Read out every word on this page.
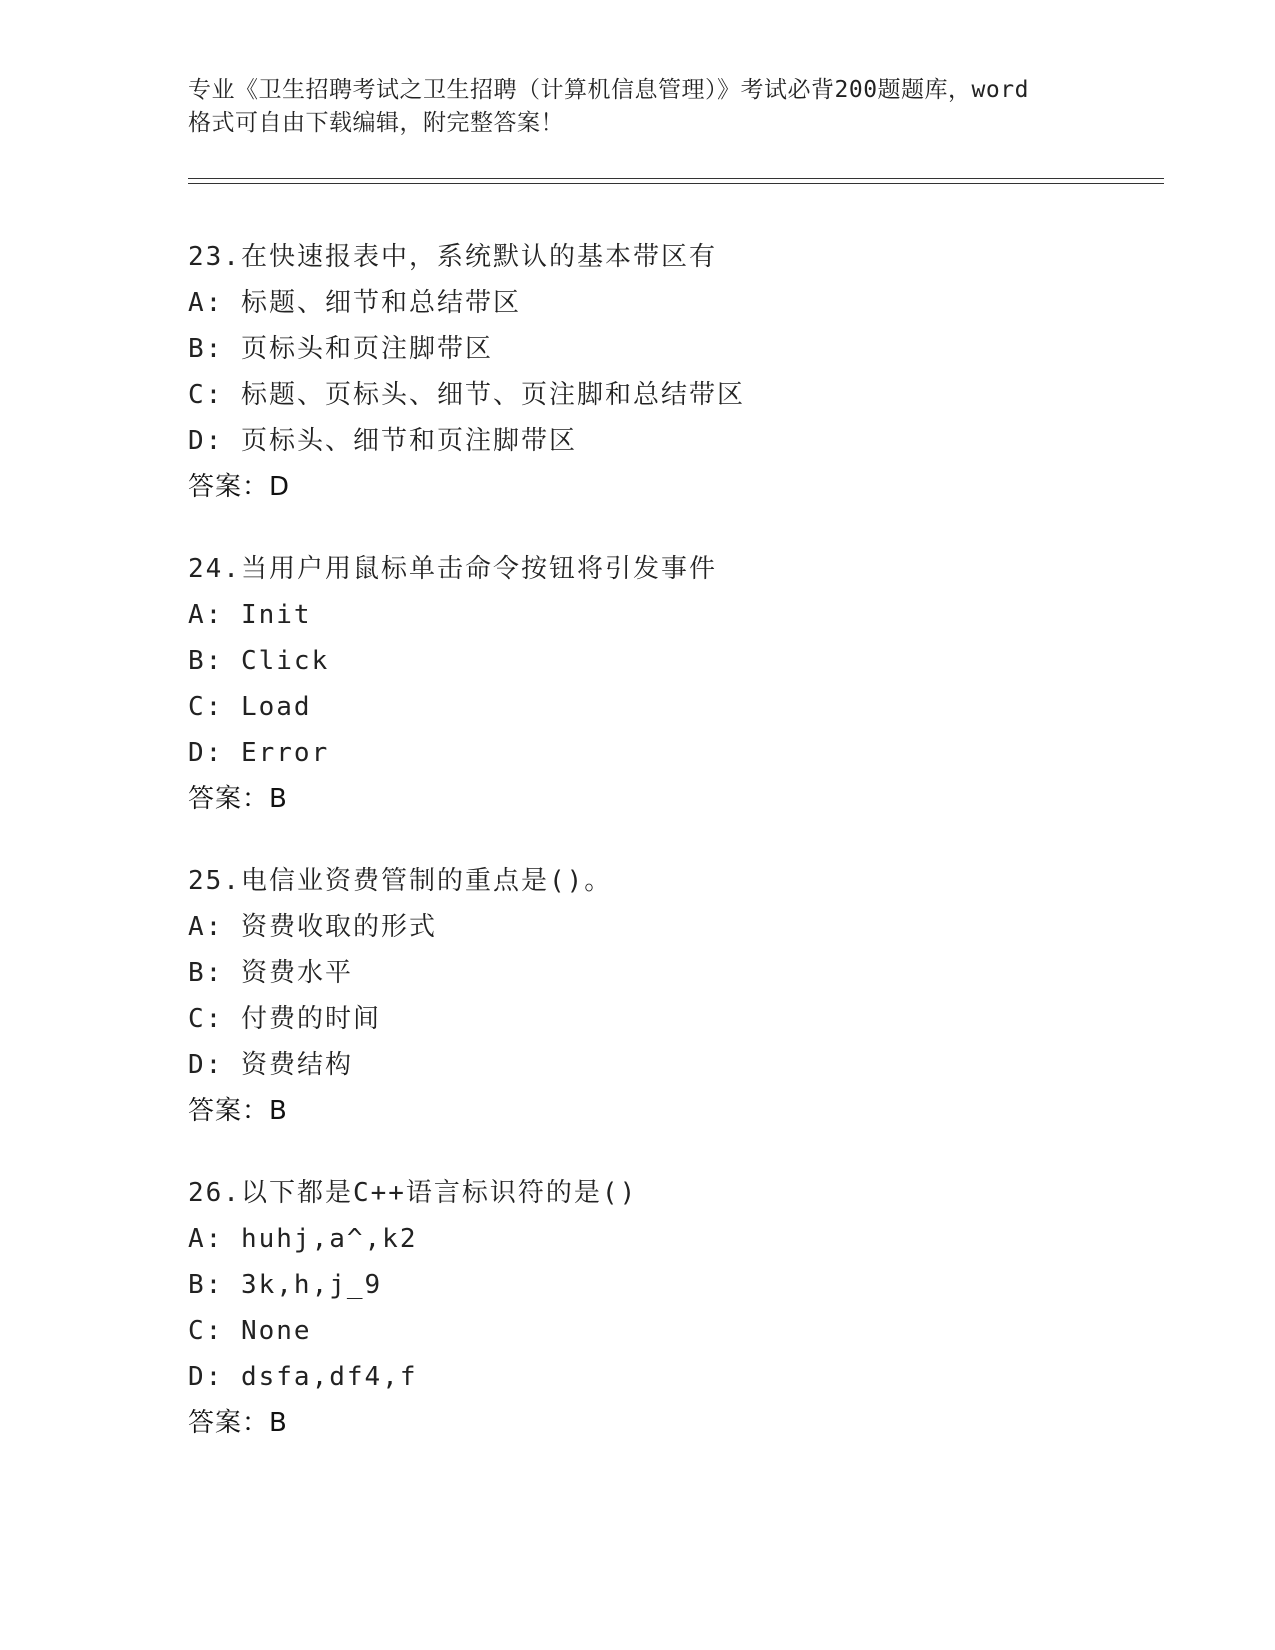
专业《卫生招聘考试之卫生招聘（计算机信息管理）》考试必背200题题库，word
格式可自由下载编辑，附完整答案！
23.在快速报表中，系统默认的基本带区有
A: 标题、细节和总结带区
B: 页标头和页注脚带区
C: 标题、页标头、细节、页注脚和总结带区
D: 页标头、细节和页注脚带区
答案：D
24.当用户用鼠标单击命令按钮将引发事件
A: Init
B: Click
C: Load
D: Error
答案：B
25.电信业资费管制的重点是()。
A: 资费收取的形式
B: 资费水平
C: 付费的时间
D: 资费结构
答案：B
26.以下都是C++语言标识符的是()
A: huhj,a^,k2
B: 3k,h,j_9
C: None
D: dsfa,df4,f
答案：B
